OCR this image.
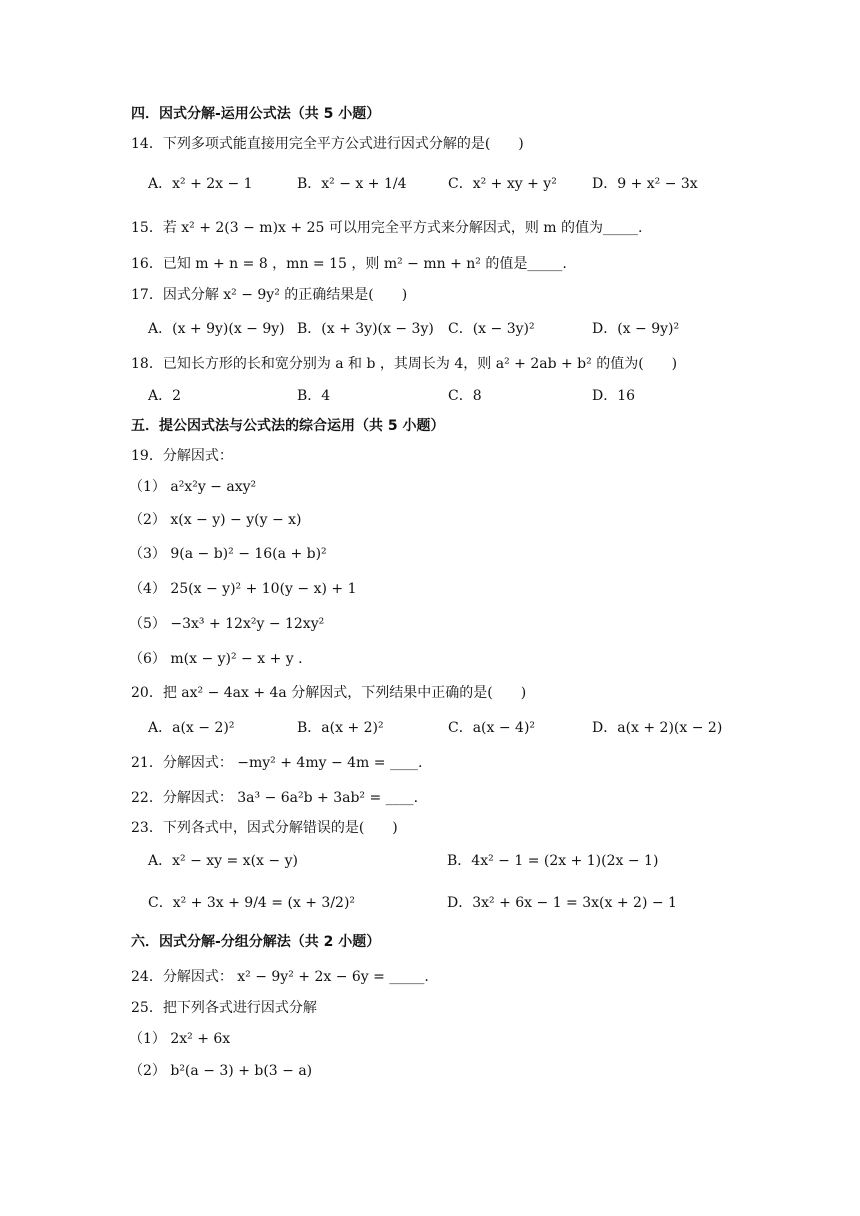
四．因式分解-运用公式法（共 5 小题）
14．下列多项式能直接用完全平方公式进行因式分解的是(　　)
A．x² + 2x − 1	B．x² − x + 1/4	C．x² + xy + y²	D．9 + x² − 3x
15．若 x² + 2(3 − m)x + 25 可以用完全平方式来分解因式，则 m 的值为_____.
16．已知 m + n = 8 ，mn = 15 ，则 m² − mn + n² 的值是_____.
17．因式分解 x² − 9y² 的正确结果是(　　)
A．(x + 9y)(x − 9y) B．(x + 3y)(x − 3y) C．(x − 3y)²	D．(x − 9y)²
18．已知长方形的长和宽分别为 a 和 b ，其周长为 4，则 a² + 2ab + b² 的值为(　　)
A．2	B．4	C．8	D．16
五．提公因式法与公式法的综合运用（共 5 小题）
19．分解因式：
（1） a²x²y − axy²
（2） x(x − y) − y(y − x)
（3） 9(a − b)² − 16(a + b)²
（4） 25(x − y)² + 10(y − x) + 1
（5） −3x³ + 12x²y − 12xy²
（6） m(x − y)² − x + y .
20．把 ax² − 4ax + 4a 分解因式，下列结果中正确的是(　　)
A．a(x − 2)²	B．a(x + 2)²	C．a(x − 4)²	D．a(x + 2)(x − 2)
21．分解因式： −my² + 4my − 4m = ____.
22．分解因式： 3a³ − 6a²b + 3ab² = ____.
23．下列各式中，因式分解错误的是(　　)
A．x² − xy = x(x − y)	B．4x² − 1 = (2x + 1)(2x − 1)
C．x² + 3x + 9/4 = (x + 3/2)²	D．3x² + 6x − 1 = 3x(x + 2) − 1
六．因式分解-分组分解法（共 2 小题）
24．分解因式： x² − 9y² + 2x − 6y = _____.
25．把下列各式进行因式分解
（1） 2x² + 6x
（2） b²(a − 3) + b(3 − a)
